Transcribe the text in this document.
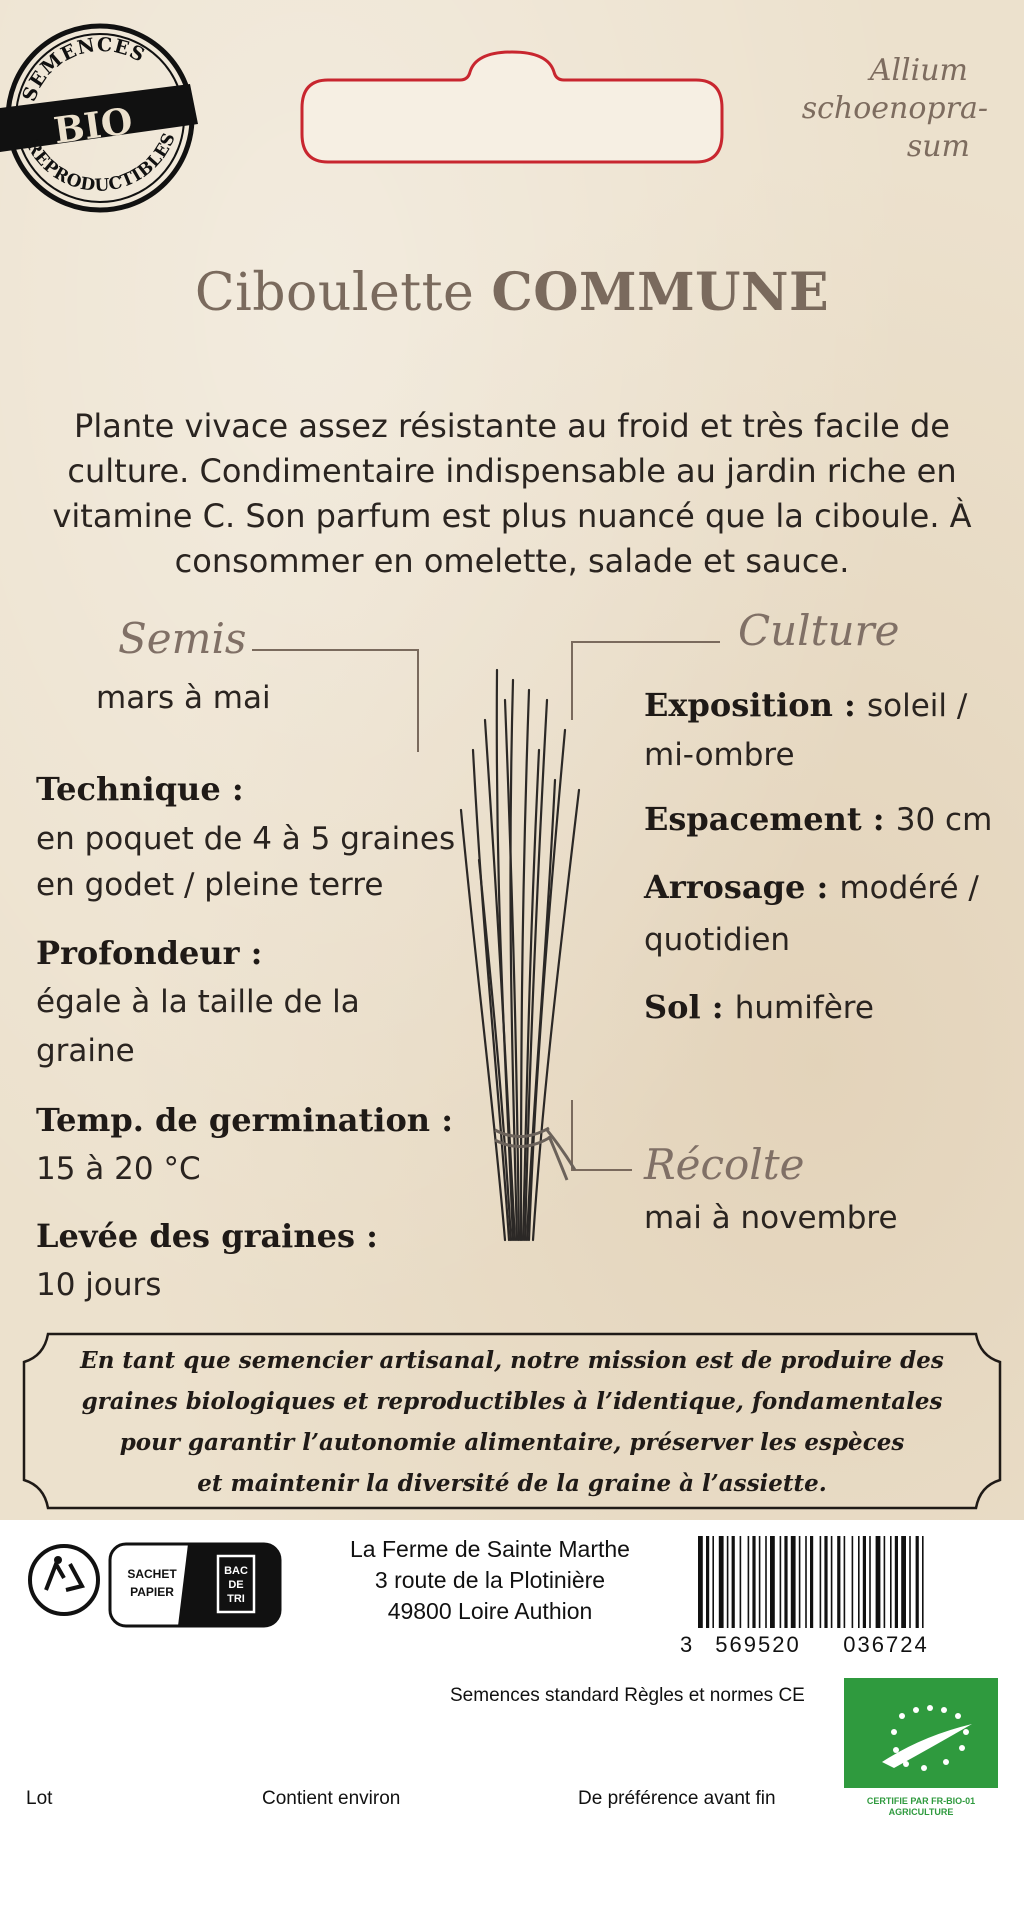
SEMENCES
BIO
REPRODUCTIBLES
Allium
schoenopra-
sum
Ciboulette COMMUNE
Plante vivace assez résistante au froid et très facile de culture. Condimentaire indispensable au jardin riche en vitamine C. Son parfum est plus nuancé que la ciboule. À consommer en omelette, salade et sauce.
Semis
mars à mai
Technique :
en poquet de 4 à 5 graines
en godet / pleine terre
Profondeur :
égale à la taille de la
graine
Temp. de germination :
15 à 20 °C
Levée des graines :
10 jours
Culture
Exposition : soleil /
mi-ombre
Espacement : 30 cm
Arrosage : modéré /
quotidien
Sol : humifère
Récolte
mai à novembre
En tant que semencier artisanal, notre mission est de produire des
graines biologiques et reproductibles à l’identique, fondamentales
pour garantir l’autonomie alimentaire, préserver les espèces
et maintenir la diversité de la graine à l’assiette.
SACHET
PAPIER
BAC
DE
TRI
La Ferme de Sainte Marthe
3 route de la Plotinière
49800 Loire Authion
3 569520 036724
Semences standard Règles et normes CE
CERTIFIE PAR FR-BIO-01
AGRICULTURE
Lot	Contient environ	De préférence avant fin
